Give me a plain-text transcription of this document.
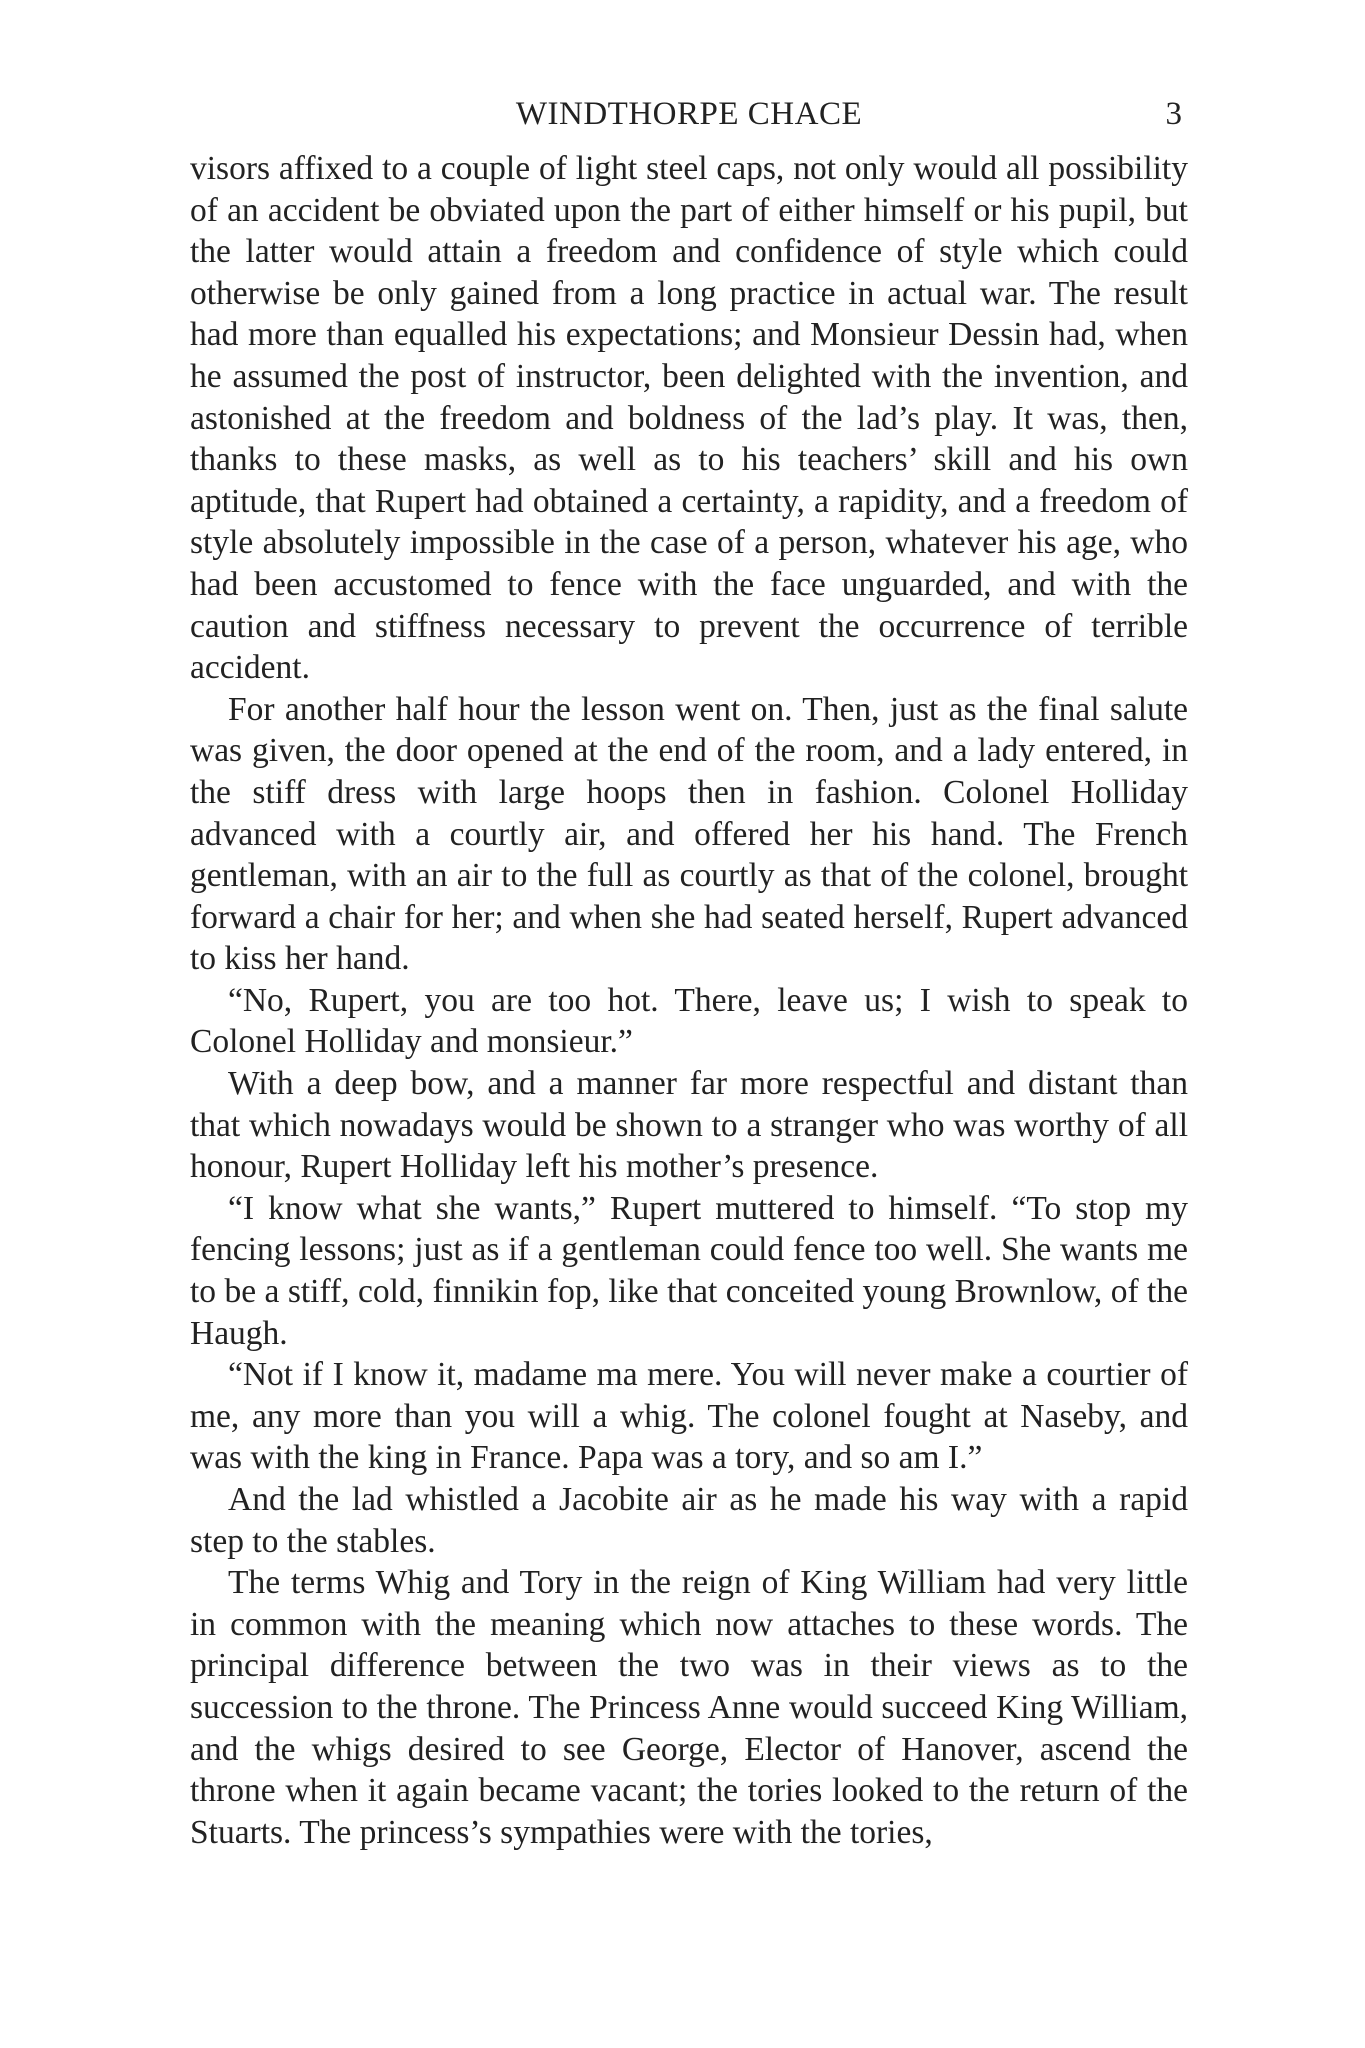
WINDTHORPE CHACE	3

visors affixed to a couple of light steel caps, not only would all possibility of an accident be obviated upon the part of either himself or his pupil, but the latter would attain a freedom and confidence of style which could otherwise be only gained from a long practice in actual war. The result had more than equalled his expectations; and Monsieur Dessin had, when he assumed the post of instructor, been delighted with the invention, and astonished at the freedom and boldness of the lad’s play. It was, then, thanks to these masks, as well as to his teachers’ skill and his own aptitude, that Rupert had obtained a certainty, a rapidity, and a freedom of style absolutely impossible in the case of a person, whatever his age, who had been accustomed to fence with the face unguarded, and with the caution and stiffness necessary to prevent the occurrence of terrible accident.

For another half hour the lesson went on. Then, just as the final salute was given, the door opened at the end of the room, and a lady entered, in the stiff dress with large hoops then in fashion. Colonel Holliday advanced with a courtly air, and offered her his hand. The French gentleman, with an air to the full as courtly as that of the colonel, brought forward a chair for her; and when she had seated herself, Rupert advanced to kiss her hand.

“No, Rupert, you are too hot. There, leave us; I wish to speak to Colonel Holliday and monsieur.”

With a deep bow, and a manner far more respectful and distant than that which nowadays would be shown to a stranger who was worthy of all honour, Rupert Holliday left his mother’s presence.

“I know what she wants,” Rupert muttered to himself. “To stop my fencing lessons; just as if a gentleman could fence too well. She wants me to be a stiff, cold, finnikin fop, like that conceited young Brownlow, of the Haugh.

“Not if I know it, madame ma mere. You will never make a courtier of me, any more than you will a whig. The colonel fought at Naseby, and was with the king in France. Papa was a tory, and so am I.”

And the lad whistled a Jacobite air as he made his way with a rapid step to the stables.

The terms Whig and Tory in the reign of King William had very little in common with the meaning which now attaches to these words. The principal difference between the two was in their views as to the succession to the throne. The Princess Anne would succeed King William, and the whigs desired to see George, Elector of Hanover, ascend the throne when it again became vacant; the tories looked to the return of the Stuarts. The princess’s sympathies were with the tories,
